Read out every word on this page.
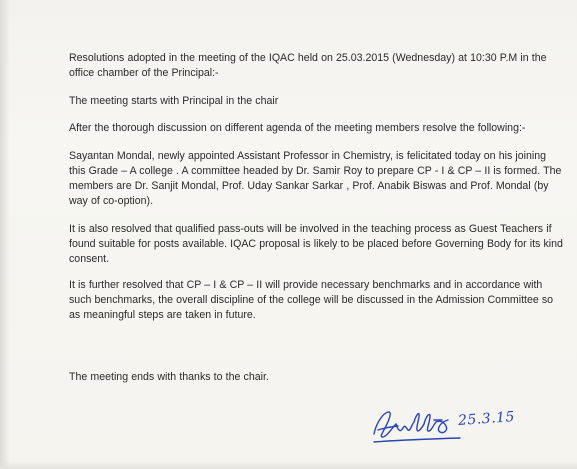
Resolutions adopted in the meeting of the IQAC held on 25.03.2015 (Wednesday) at 10:30 P.M in the office chamber of the Principal:-
The meeting starts with Principal in the chair
After the thorough discussion on different agenda of the meeting members resolve the following:-
Sayantan Mondal, newly appointed Assistant Professor in Chemistry, is felicitated today on his joining this Grade – A college . A committee headed by Dr. Samir Roy to prepare CP - I & CP – II is formed. The members are Dr. Sanjit Mondal, Prof. Uday Sankar Sarkar , Prof. Anabik Biswas and Prof. Mondal (by way of co-option).
It is also resolved that qualified pass-outs will be involved in the teaching process as Guest Teachers if found suitable for posts available. IQAC proposal is likely to be placed before Governing Body for its kind consent.
It is further resolved that CP – I & CP – II will provide necessary benchmarks and in accordance with such benchmarks, the overall discipline of the college will be discussed in the Admission Committee so as meaningful steps are taken in future.
The meeting ends with thanks to the chair.
25.3.15
